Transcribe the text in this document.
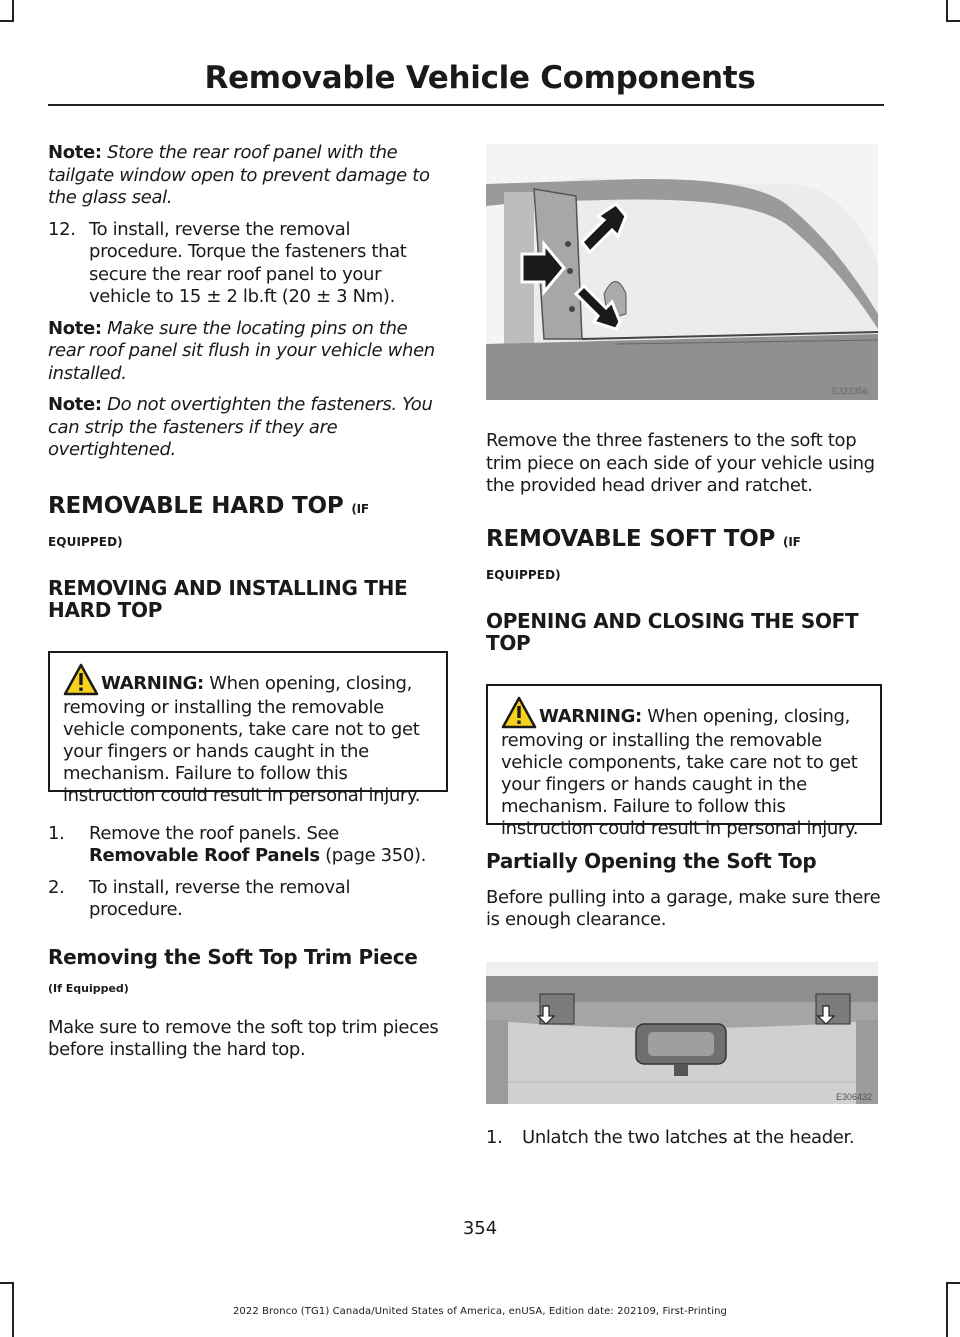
Removable Vehicle Components

Note: Store the rear roof panel with the tailgate window open to prevent damage to the glass seal.

12. To install, reverse the removal procedure. Torque the fasteners that secure the rear roof panel to your vehicle to 15 ± 2 lb.ft (20 ± 3 Nm).

Note: Make sure the locating pins on the rear roof panel sit flush in your vehicle when installed.

Note: Do not overtighten the fasteners. You can strip the fasteners if they are overtightened.

REMOVABLE HARD TOP (IF
EQUIPPED)
REMOVING AND INSTALLING THE HARD TOP

WARNING: When opening, closing, removing or installing the removable vehicle components, take care not to get your fingers or hands caught in the mechanism. Failure to follow this instruction could result in personal injury.

1.	Remove the roof panels. See Removable Roof Panels (page 350).
2.	To install, reverse the removal procedure.
Removing the Soft Top Trim Piece
(If Equipped)

Make sure to remove the soft top trim pieces before installing the hard top.

E322356

Remove the three fasteners to the soft top trim piece on each side of your vehicle using the provided head driver and ratchet.

REMOVABLE SOFT TOP (IF
EQUIPPED)
OPENING AND CLOSING THE SOFT TOP

WARNING: When opening, closing, removing or installing the removable vehicle components, take care not to get your fingers or hands caught in the mechanism. Failure to follow this instruction could result in personal injury.

Partially Opening the Soft Top

Before pulling into a garage, make sure there is enough clearance.

E306432
1.	Unlatch the two latches at the header.
354
2022 Bronco (TG1) Canada/United States of America, enUSA, Edition date: 202109, First-Printing
